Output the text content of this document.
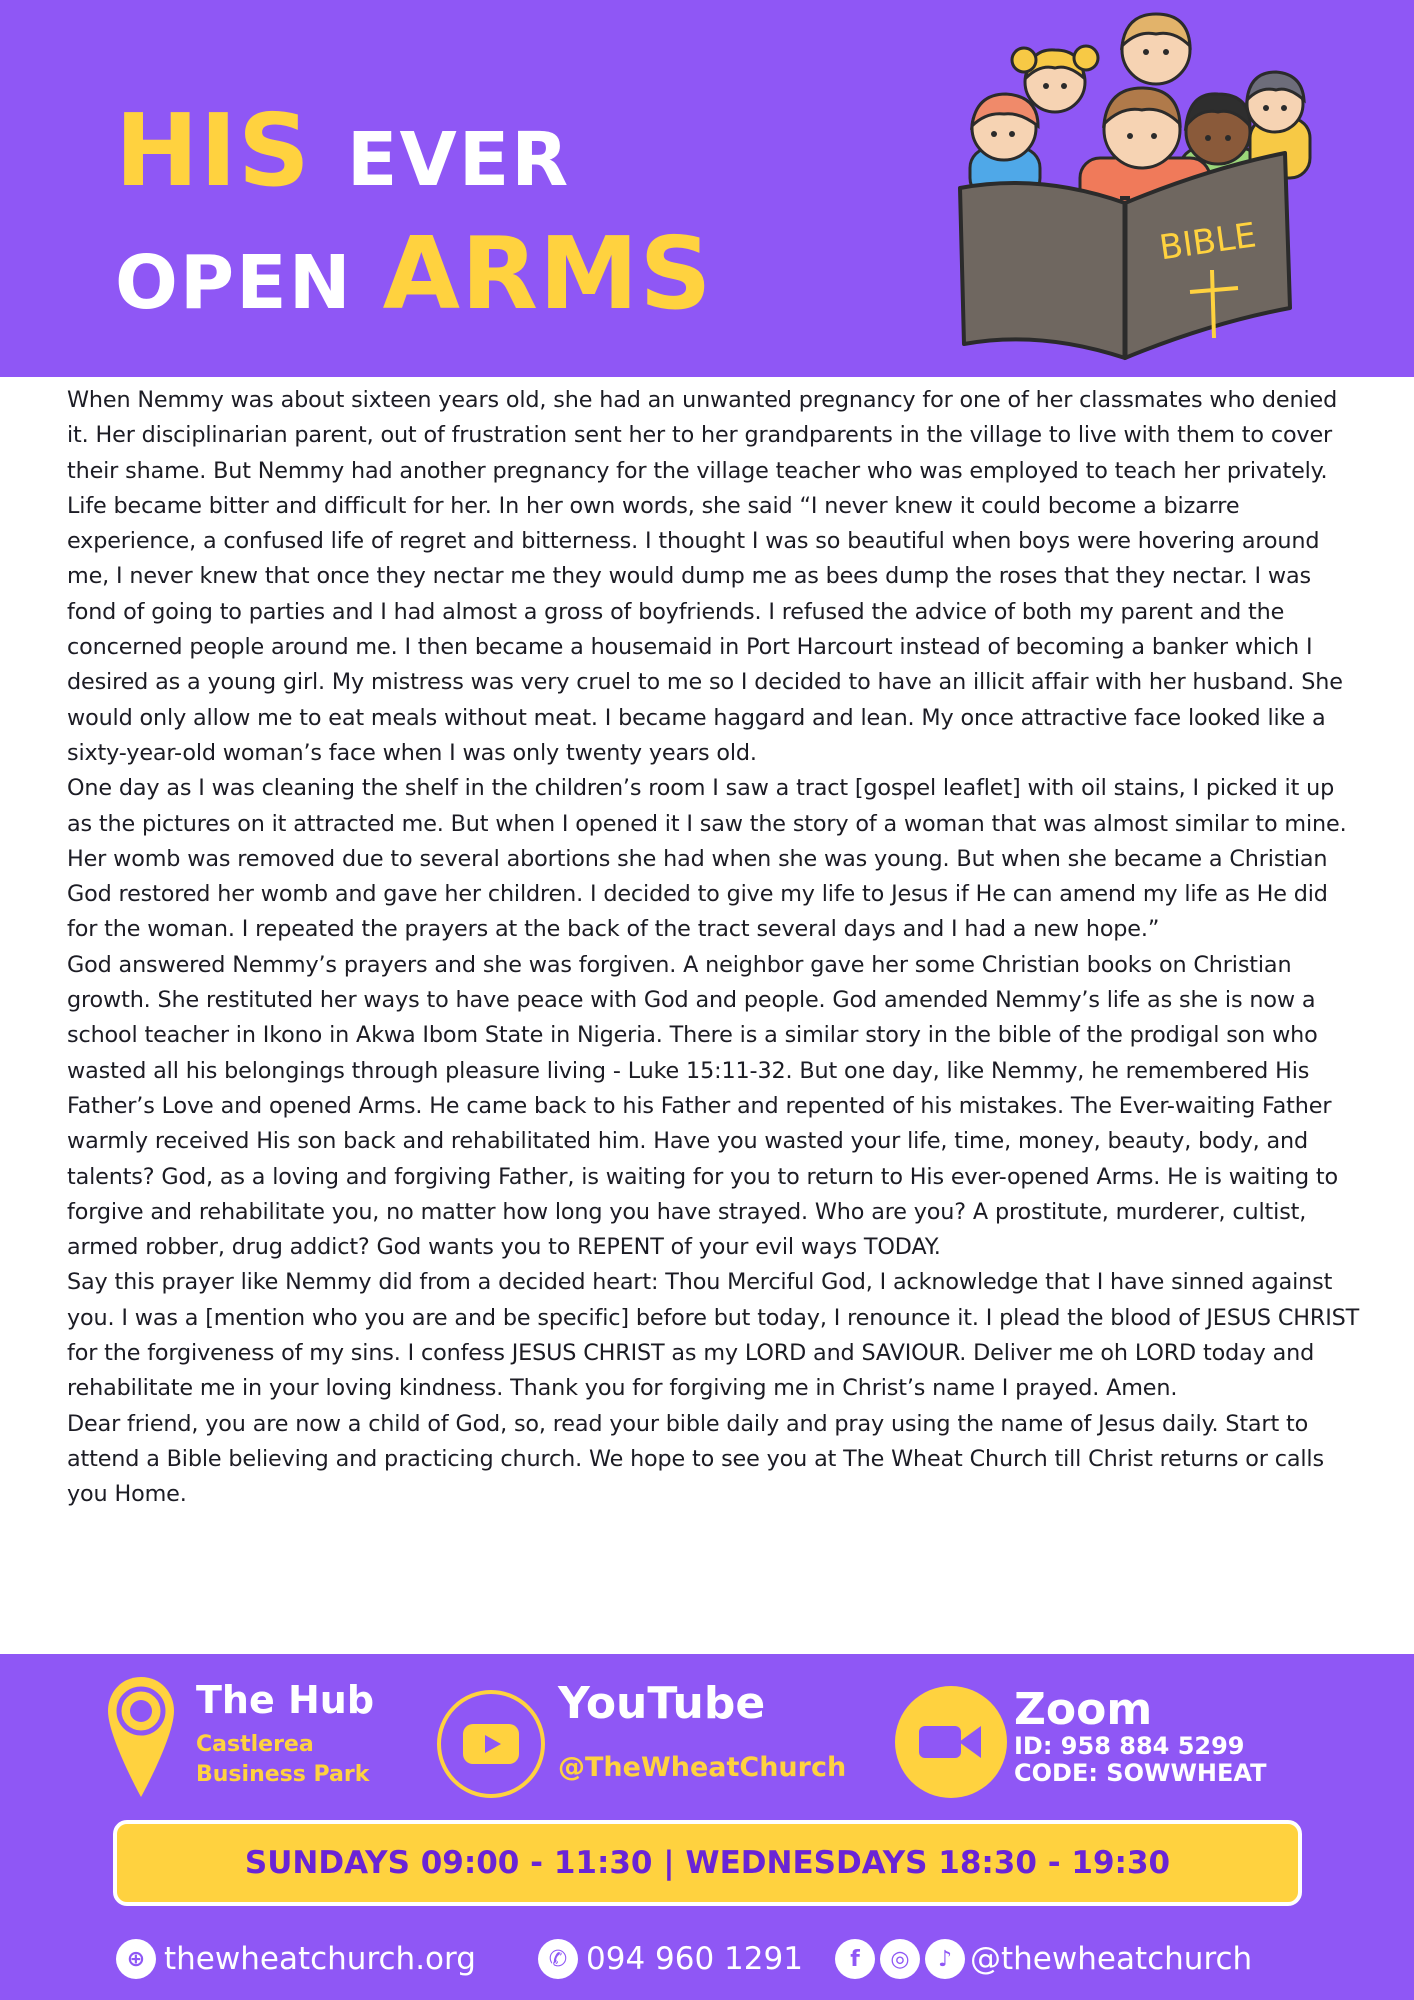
HIS EVER
OPEN ARMS	BIBLE

When Nemmy was about sixteen years old, she had an unwanted pregnancy for one of her classmates who denied it. Her disciplinarian parent, out of frustration sent her to her grandparents in the village to live with them to cover their shame. But Nemmy had another pregnancy for the village teacher who was employed to teach her privately. Life became bitter and difficult for her. In her own words, she said “I never knew it could become a bizarre experience, a confused life of regret and bitterness. I thought I was so beautiful when boys were hovering around me, I never knew that once they nectar me they would dump me as bees dump the roses that they nectar. I was fond of going to parties and I had almost a gross of boyfriends. I refused the advice of both my parent and the concerned people around me. I then became a housemaid in Port Harcourt instead of becoming a banker which I desired as a young girl. My mistress was very cruel to me so I decided to have an illicit affair with her husband. She would only allow me to eat meals without meat. I became haggard and lean. My once attractive face looked like a sixty-year-old woman’s face when I was only twenty years old.

One day as I was cleaning the shelf in the children’s room I saw a tract [gospel leaflet] with oil stains, I picked it up as the pictures on it attracted me. But when I opened it I saw the story of a woman that was almost similar to mine. Her womb was removed due to several abortions she had when she was young. But when she became a Christian God restored her womb and gave her children. I decided to give my life to Jesus if He can amend my life as He did for the woman. I repeated the prayers at the back of the tract several days and I had a new hope.”

God answered Nemmy’s prayers and she was forgiven. A neighbor gave her some Christian books on Christian growth. She restituted her ways to have peace with God and people. God amended Nemmy’s life as she is now a school teacher in Ikono in Akwa Ibom State in Nigeria. There is a similar story in the bible of the prodigal son who wasted all his belongings through pleasure living - Luke 15:11-32. But one day, like Nemmy, he remembered His Father’s Love and opened Arms. He came back to his Father and repented of his mistakes. The Ever-waiting Father warmly received His son back and rehabilitated him. Have you wasted your life, time, money, beauty, body, and talents? God, as a loving and forgiving Father, is waiting for you to return to His ever-opened Arms. He is waiting to forgive and rehabilitate you, no matter how long you have strayed. Who are you? A prostitute, murderer, cultist, armed robber, drug addict? God wants you to REPENT of your evil ways TODAY.

Say this prayer like Nemmy did from a decided heart: Thou Merciful God, I acknowledge that I have sinned against you. I was a [mention who you are and be specific] before but today, I renounce it. I plead the blood of JESUS CHRIST for the forgiveness of my sins. I confess JESUS CHRIST as my LORD and SAVIOUR. Deliver me oh LORD today and rehabilitate me in your loving kindness. Thank you for forgiving me in Christ’s name I prayed. Amen.

Dear friend, you are now a child of God, so, read your bible daily and pray using the name of Jesus daily. Start to attend a Bible believing and practicing church. We hope to see you at The Wheat Church till Christ returns or calls you Home.

The Hub
Castlerea
Business Park
YouTube
@TheWheatChurch
Zoom
ID: 958 884 5299
CODE: SOWWHEAT
SUNDAYS 09:00 - 11:30 | WEDNESDAYS 18:30 - 19:30
⊕ thewheatchurch.org	✆ 094 960 1291	f	◎	♪ @thewheatchurch
